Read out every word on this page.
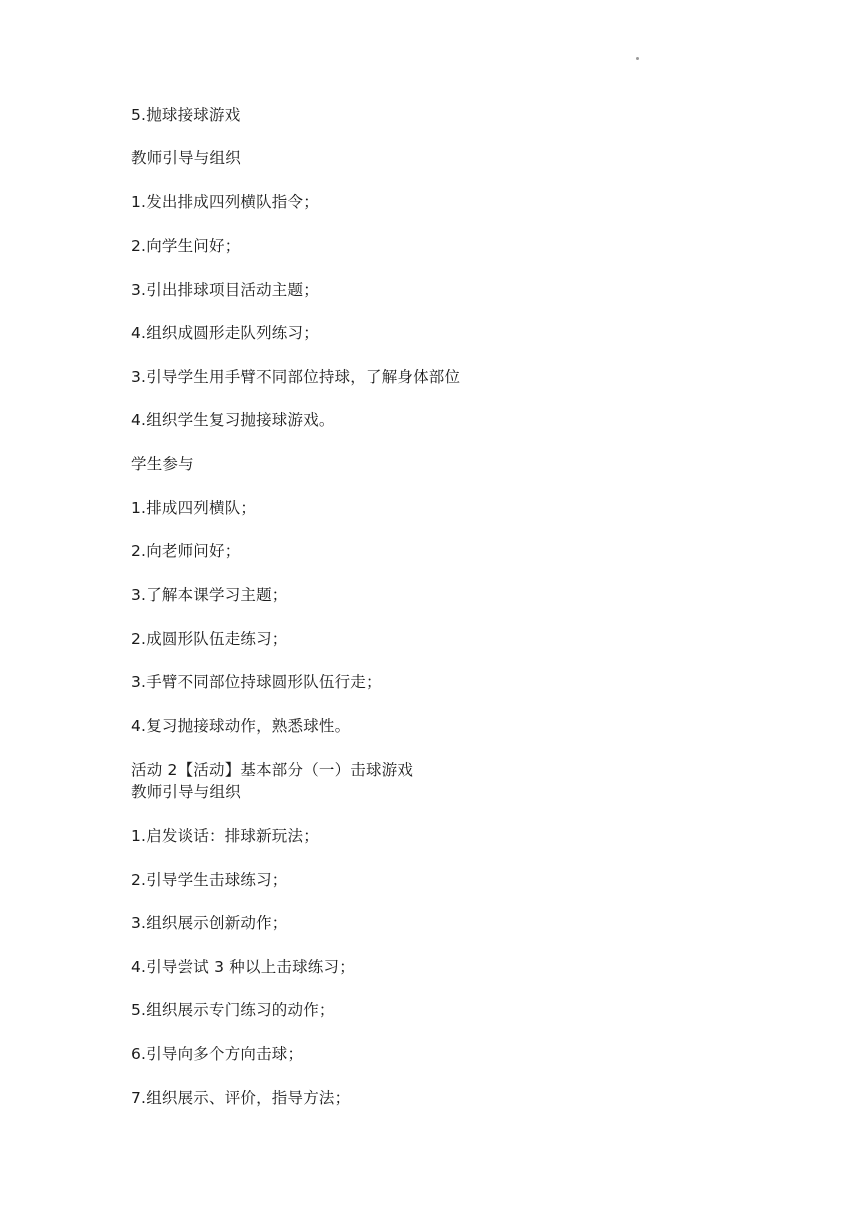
5.抛球接球游戏
教师引导与组织
1.发出排成四列横队指令；
2.向学生问好；
3.引出排球项目活动主题；
4.组织成圆形走队列练习；
3.引导学生用手臂不同部位持球，了解身体部位
4.组织学生复习抛接球游戏。
学生参与
1.排成四列横队；
2.向老师问好；
3.了解本课学习主题；
2.成圆形队伍走练习；
3.手臂不同部位持球圆形队伍行走；
4.复习抛接球动作，熟悉球性。
活动 2【活动】基本部分（一）击球游戏
教师引导与组织
1.启发谈话：排球新玩法；
2.引导学生击球练习；
3.组织展示创新动作；
4.引导尝试 3 种以上击球练习；
5.组织展示专门练习的动作；
6.引导向多个方向击球；
7.组织展示、评价，指导方法；
